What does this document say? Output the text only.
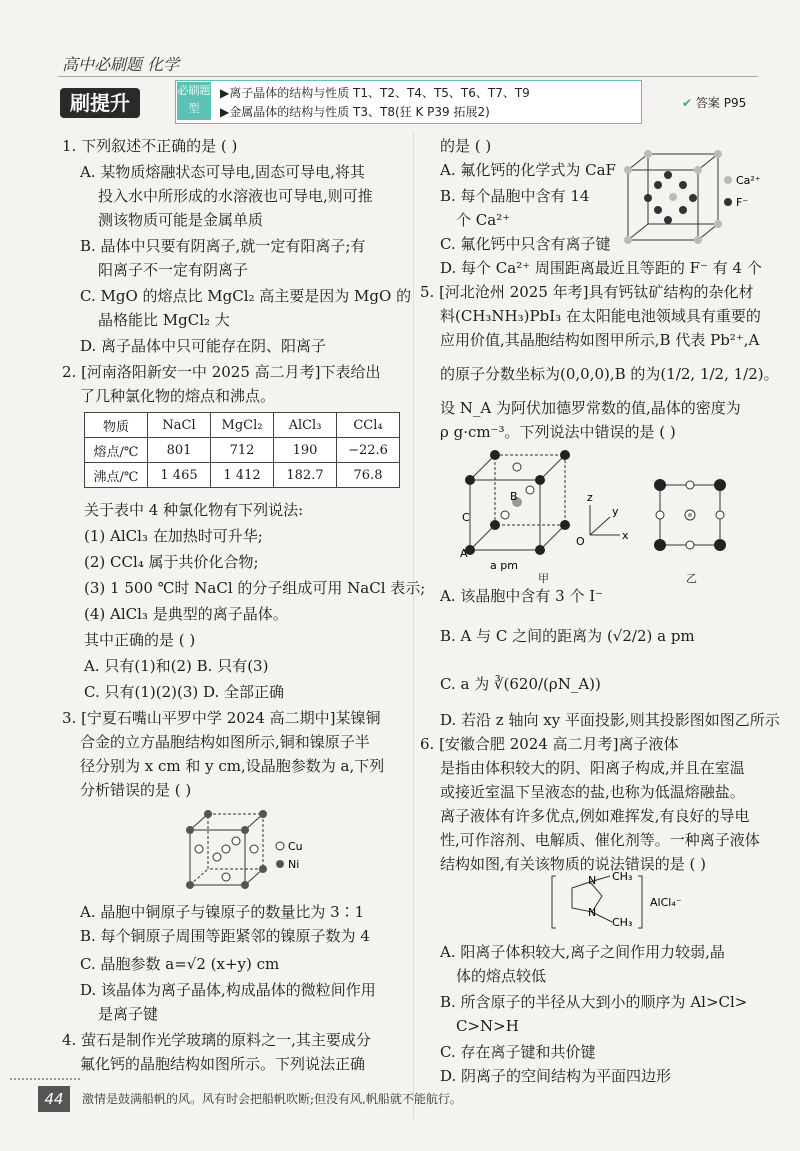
高中必刷题 化学
刷提升
必刷题型
▶离子晶体的结构与性质 T1、T2、T4、T5、T6、T7、T9
▶金属晶体的结构与性质 T3、T8(狂 K P39 拓展2)
✔ 答案 P95
1. 下列叙述不正确的是 ( )
A. 某物质熔融状态可导电,固态可导电,将其
投入水中所形成的水溶液也可导电,则可推
测该物质可能是金属单质
B. 晶体中只要有阴离子,就一定有阳离子;有
阳离子不一定有阴离子
C. MgO 的熔点比 MgCl₂ 高主要是因为 MgO 的
晶格能比 MgCl₂ 大
D. 离子晶体中只可能存在阴、阳离子
2. [河南洛阳新安一中 2025 高二月考]下表给出
了几种氯化物的熔点和沸点。
关于表中 4 种氯化物有下列说法:
(1) AlCl₃ 在加热时可升华;
(2) CCl₄ 属于共价化合物;
(3) 1 500 ℃时 NaCl 的分子组成可用 NaCl 表示;
(4) AlCl₃ 是典型的离子晶体。
其中正确的是 ( )
A. 只有(1)和(2) B. 只有(3)
C. 只有(1)(2)(3) D. 全部正确
3. [宁夏石嘴山平罗中学 2024 高二期中]某镍铜
合金的立方晶胞结构如图所示,铜和镍原子半
径分别为 x cm 和 y cm,设晶胞参数为 a,下列
分析错误的是 ( )
A. 晶胞中铜原子与镍原子的数量比为 3∶1
B. 每个铜原子周围等距紧邻的镍原子数为 4
C. 晶胞参数 a=√2 (x+y) cm
D. 该晶体为离子晶体,构成晶体的微粒间作用
是离子键
4. 萤石是制作光学玻璃的原料之一,其主要成分
氟化钙的晶胞结构如图所示。下列说法正确
的是 ( )
A. 氟化钙的化学式为 CaF
B. 每个晶胞中含有 14
个 Ca²⁺
C. 氟化钙中只含有离子键
D. 每个 Ca²⁺ 周围距离最近且等距的 F⁻ 有 4 个
5. [河北沧州 2025 年考]具有钙钛矿结构的杂化材
料(CH₃NH₃)PbI₃ 在太阳能电池领域具有重要的
应用价值,其晶胞结构如图甲所示,B 代表 Pb²⁺,A
的原子分数坐标为(0,0,0),B 的为(1/2, 1/2, 1/2)。
设 N_A 为阿伏加德罗常数的值,晶体的密度为
ρ g·cm⁻³。下列说法中错误的是 ( )
A. 该晶胞中含有 3 个 I⁻
B. A 与 C 之间的距离为 (√2/2) a pm
C. a 为 ∛(620/(ρN_A))
D. 若沿 z 轴向 xy 平面投影,则其投影图如图乙所示
6. [安徽合肥 2024 高二月考]离子液体
是指由体积较大的阴、阳离子构成,并且在室温
或接近室温下呈液态的盐,也称为低温熔融盐。
离子液体有许多优点,例如难挥发,有良好的导电
性,可作溶剂、电解质、催化剂等。一种离子液体
结构如图,有关该物质的说法错误的是 ( )
A. 阳离子体积较大,离子之间作用力较弱,晶
体的熔点较低
B. 所含原子的半径从大到小的顺序为 Al>Cl>
C>N>H
C. 存在离子键和共价键
D. 阴离子的空间结构为平面四边形
物质	NaCl	MgCl₂	AlCl₃	CCl₄
熔点/℃	801	712	190	−22.6
沸点/℃	1 465	1 412	182.7	76.8
Cu
Ni
Ca²⁺
F⁻
B
A
C
a pm
x
z
y
O
甲	乙
N
N
CH₃
CH₃
AlCl₄⁻
44	激情是鼓满船帆的风。风有时会把船帆吹断;但没有风,帆船就不能航行。
